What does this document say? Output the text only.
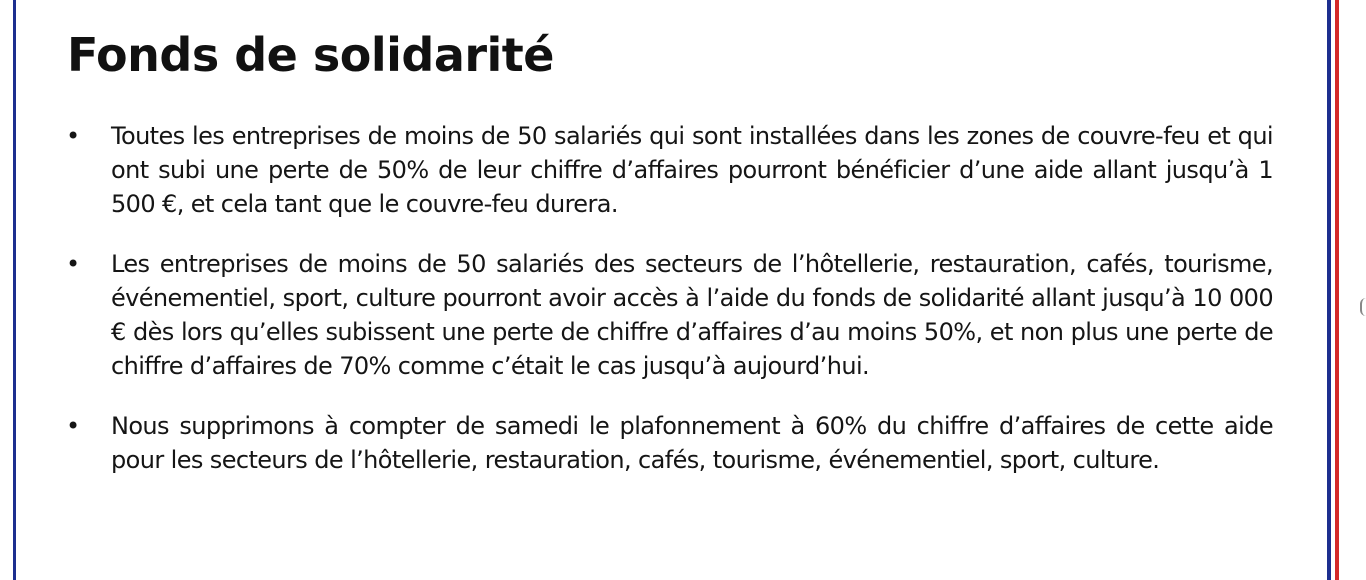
Fonds de solidarité
• Toutes les entreprises de moins de 50 salariés qui sont installées dans les zones de couvre-feu et qui ont subi une perte de 50% de leur chiffre d’affaires pourront bénéficier d’une aide allant jusqu’à 1 500 €, et cela tant que le couvre-feu durera.
• Les entreprises de moins de 50 salariés des secteurs de l’hôtellerie, restauration, cafés, tourisme, événementiel, sport, culture pourront avoir accès à l’aide du fonds de solidarité allant jusqu’à 10 000 € dès lors qu’elles subissent une perte de chiffre d’affaires d’au moins 50%, et non plus une perte de chiffre d’affaires de 70% comme c’était le cas jusqu’à aujourd’hui.
• Nous supprimons à compter de samedi le plafonnement à 60% du chiffre d’affaires de cette aide pour les secteurs de l’hôtellerie, restauration, cafés, tourisme, événementiel, sport, culture.
